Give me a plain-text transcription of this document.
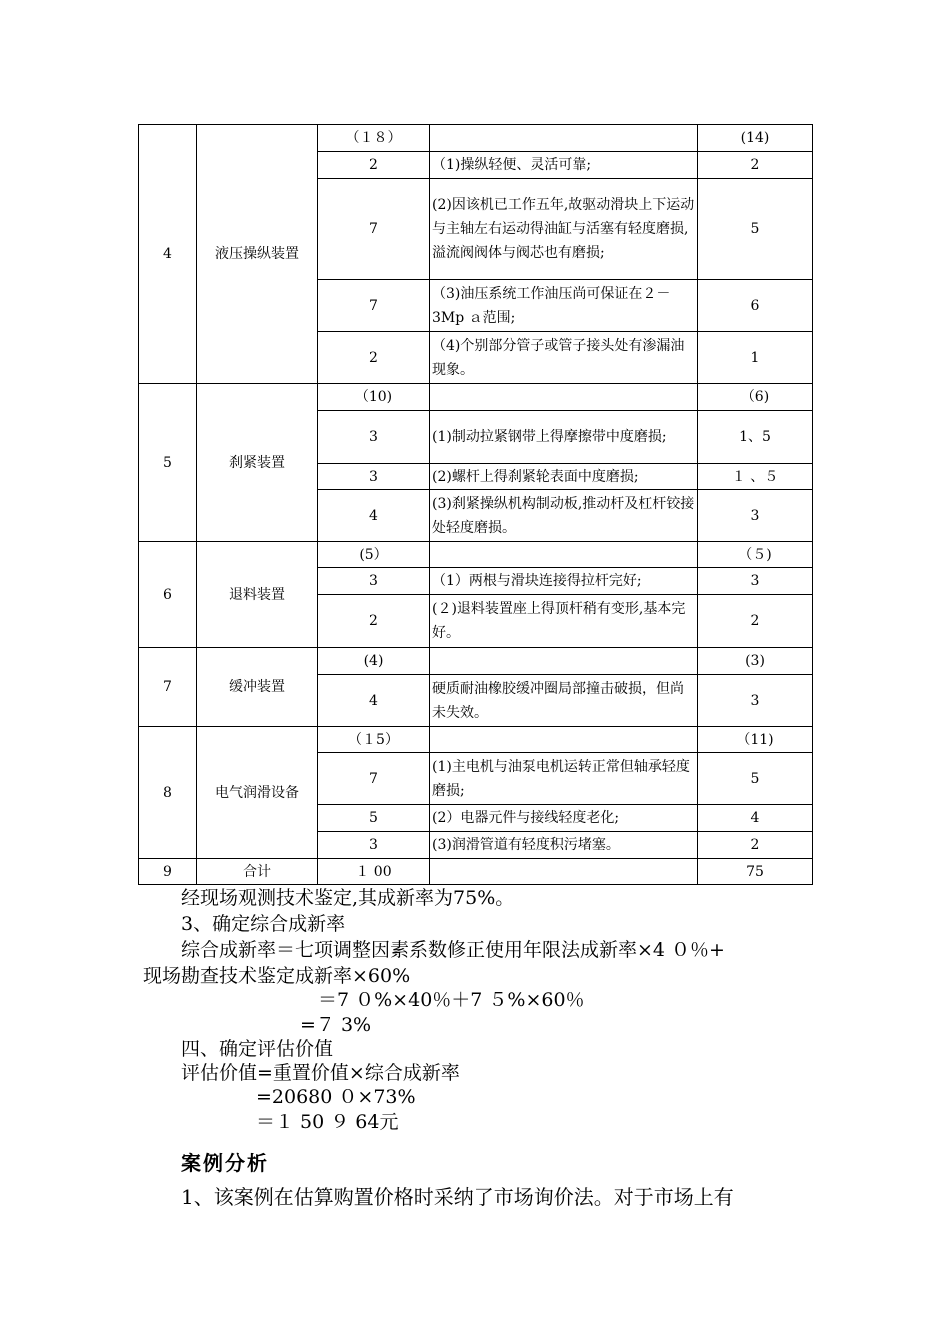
4	液压操纵装置	（１８）		(14)
		2	（1)操纵轻便、灵活可靠;	2
		7	(2)因该机已工作五年,故驱动滑块上下运动与主轴左右运动得油缸与活塞有轻度磨损,溢流阀阀体与阀芯也有磨损;	5
		7	（3)油压系统工作油压尚可保证在２－3Mp ａ范围;	6
		2	（4)个别部分管子或管子接头处有渗漏油现象。	1
5	刹紧装置	（10)		（6)
		3	(1)制动拉紧钢带上得摩擦带中度磨损;	1、5
		3	(2)螺杆上得刹紧轮表面中度磨损;	１ 、５
		4	(3)刹紧操纵机构制动板,推动杆及杠杆铰接处轻度磨损。	3
6	退料装置	(5）		（５)
		3	（1）两根与滑块连接得拉杆完好;	3
		2	(２)退料装置座上得顶杆稍有变形,基本完好。	2
7	缓冲装置	(4)		(3)
		4	硬质耐油橡胶缓冲圈局部撞击破损，但尚未失效。	3
8	电气润滑设备	（１5）		（11)
		7	(1)主电机与油泵电机运转正常但轴承轻度磨损;	5
		5	(2）电器元件与接线轻度老化;	4
		3	(3)润滑管道有轻度积污堵塞。	2
9	合计	１ 00		75
经现场观测技术鉴定,其成新率为75%。
3、确定综合成新率
综合成新率＝七项调整因素系数修正使用年限法成新率×4 ０％+
现场勘查技术鉴定成新率×60%
＝7 ０%×40％＋7 ５%×60％
=７ 3%
四、确定评估价值
评估价值=重置价值×综合成新率
=20680 ０×73%
＝１ 50 ９ 64元
案例分析
1、该案例在估算购置价格时采纳了市场询价法。对于市场上有
